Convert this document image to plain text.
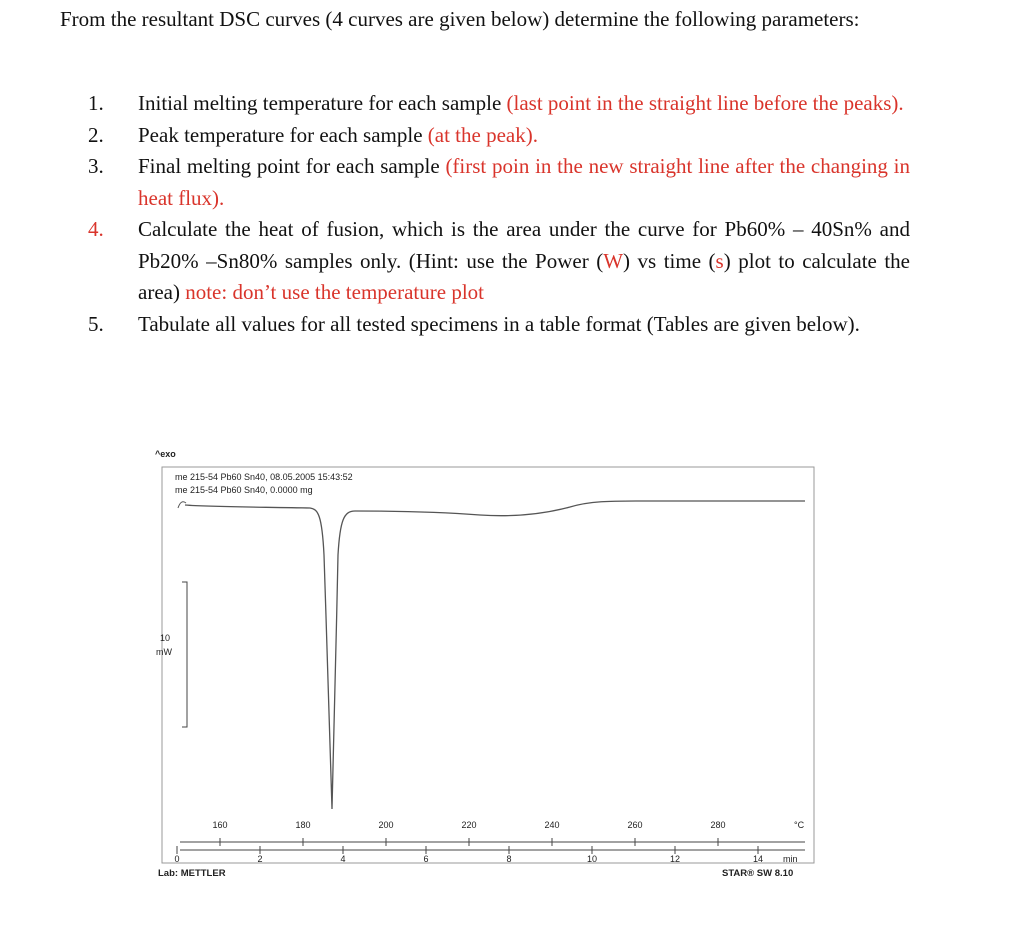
From the resultant DSC curves (4 curves are given below) determine the following parameters:
1.	Initial melting temperature for each sample (last point in the straight line before the peaks).
2.	Peak temperature for each sample (at the peak).
3.	Final melting point for each sample (first poin in the new straight line after the changing in heat flux).
4.	Calculate the heat of fusion, which is the area under the curve for Pb60% – 40Sn% and Pb20% –Sn80% samples only. (Hint: use the Power (W) vs time (s) plot to calculate the area) note: don’t use the temperature plot
5.	Tabulate all values for all tested specimens in a table format (Tables are given below).
^exo
me 215-54 Pb60 Sn40, 08.05.2005 15:43:52
me 215-54 Pb60 Sn40, 0.0000 mg
10
mW
160	180	200	220	240	260	280	°C
0	2	4	6	8	10	12	14 min
Lab: METTLER	STAR® SW 8.10
